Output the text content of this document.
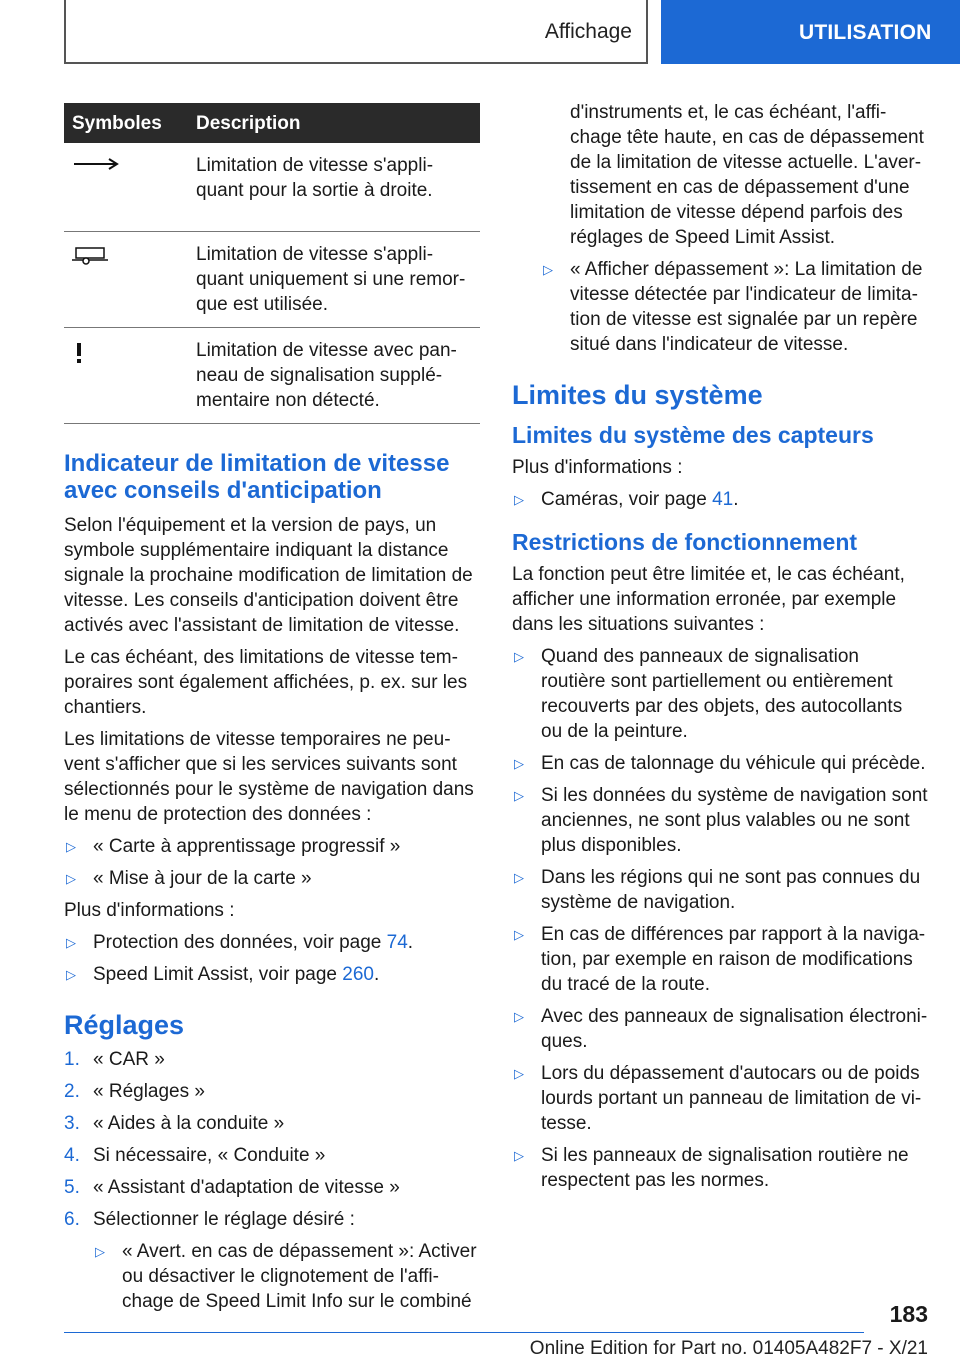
Affichage	UTILISATION
Symboles	Description

Limitation de vitesse s'appli-quant pour la sortie à droite.

Limitation de vitesse s'appli-quant uniquement si une remor-que est utilisée.

Limitation de vitesse avec pan-neau de signalisation supplé-mentaire non détecté.

Indicateur de limitation de vitesse avec conseils d'anticipation

Selon l'équipement et la version de pays, un symbole supplémentaire indiquant la distance signale la prochaine modification de limitation de vitesse. Les conseils d'anticipation doivent être activés avec l'assistant de limitation de vitesse.

Le cas échéant, des limitations de vitesse tem-poraires sont également affichées, p. ex. sur les chantiers.

Les limitations de vitesse temporaires ne peu-vent s'afficher que si les services suivants sont sélectionnés pour le système de navigation dans le menu de protection des données :

▷ « Carte à apprentissage progressif »
▷ « Mise à jour de la carte »

Plus d'informations :

▷ Protection des données, voir page 74.
▷ Speed Limit Assist, voir page 260.
Réglages
1. « CAR »
2. « Réglages »
3. « Aides à la conduite »
4. Si nécessaire, « Conduite »
5. « Assistant d'adaptation de vitesse »
6. Sélectionner le réglage désiré :
▷ « Avert. en cas de dépassement »: Activer ou désactiver le clignotement de l'affi-chage de Speed Limit Info sur le combiné
▷ d'instruments et, le cas échéant, l'affi-chage tête haute, en cas de dépassement de la limitation de vitesse actuelle. L'aver-tissement en cas de dépassement d'une limitation de vitesse dépend parfois des réglages de Speed Limit Assist.
▷ « Afficher dépassement »: La limitation de vitesse détectée par l'indicateur de limita-tion de vitesse est signalée par un repère situé dans l'indicateur de vitesse.
Limites du système
Limites du système des capteurs

Plus d'informations :

▷ Caméras, voir page 41.
Restrictions de fonctionnement

La fonction peut être limitée et, le cas échéant, afficher une information erronée, par exemple dans les situations suivantes :

▷ Quand des panneaux de signalisation routière sont partiellement ou entièrement recouverts par des objets, des autocollants ou de la peinture.
▷ En cas de talonnage du véhicule qui précède.
▷ Si les données du système de navigation sont anciennes, ne sont plus valables ou ne sont plus disponibles.
▷ Dans les régions qui ne sont pas connues du système de navigation.
▷ En cas de différences par rapport à la naviga-tion, par exemple en raison de modifications du tracé de la route.
▷ Avec des panneaux de signalisation électroni-ques.
▷ Lors du dépassement d'autocars ou de poids lourds portant un panneau de limitation de vi-tesse.
▷ Si les panneaux de signalisation routière ne respectent pas les normes.
183
Online Edition for Part no. 01405A482F7 - X/21
